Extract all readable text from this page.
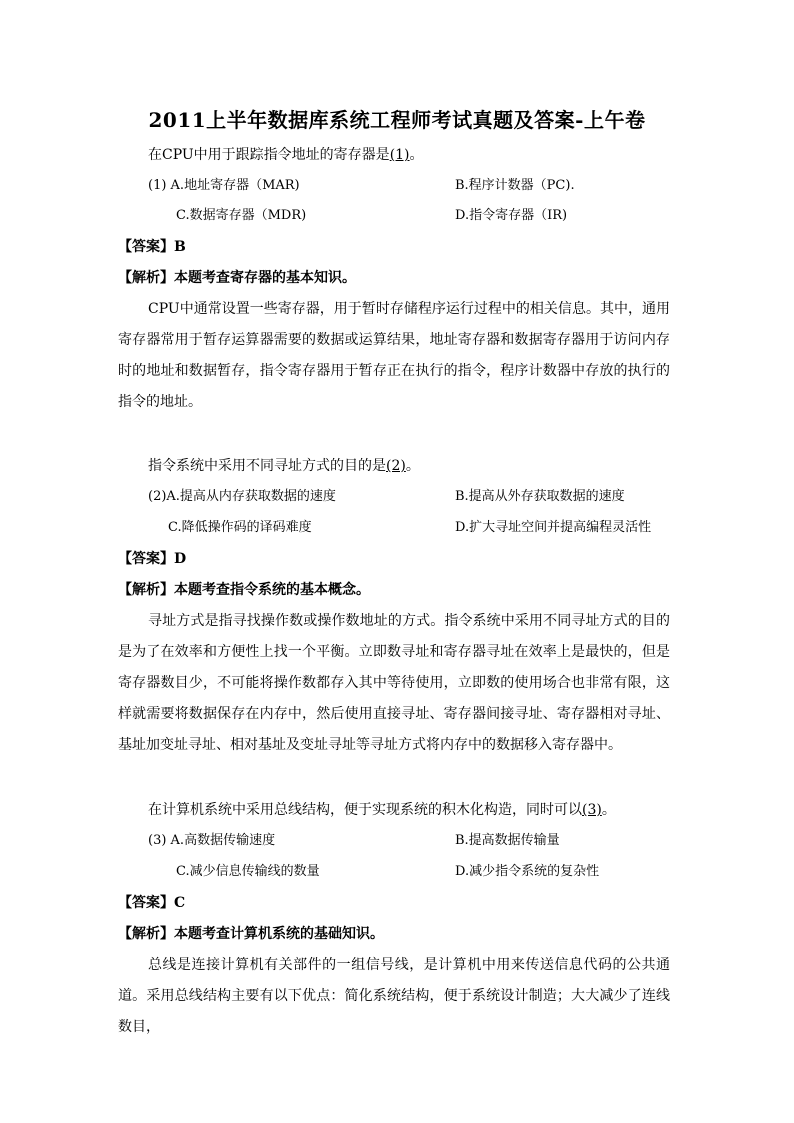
2011上半年数据库系统工程师考试真题及答案-上午卷
在CPU中用于跟踪指令地址的寄存器是(1)。
(1) A.地址寄存器（MAR)	B.程序计数器（PC).
C.数据寄存器（MDR)	D.指令寄存器（IR)
【答案】B
【解析】本题考查寄存器的基本知识。
CPU中通常设置一些寄存器，用于暂时存储程序运行过程中的相关信息。其中，通用寄存器常用于暂存运算器需要的数据或运算结果，地址寄存器和数据寄存器用于访问内存时的地址和数据暂存，指令寄存器用于暂存正在执行的指令，程序计数器中存放的执行的指令的地址。
指令系统中采用不同寻址方式的目的是(2)。
(2)A.提高从内存获取数据的速度	B.提高从外存获取数据的速度
C.降低操作码的译码难度	D.扩大寻址空间并提高编程灵活性
【答案】D
【解析】本题考查指令系统的基本概念。
寻址方式是指寻找操作数或操作数地址的方式。指令系统中采用不同寻址方式的目的是为了在效率和方便性上找一个平衡。立即数寻址和寄存器寻址在效率上是最快的，但是寄存器数目少，不可能将操作数都存入其中等待使用，立即数的使用场合也非常有限，这样就需要将数据保存在内存中，然后使用直接寻址、寄存器间接寻址、寄存器相对寻址、基址加变址寻址、相对基址及变址寻址等寻址方式将内存中的数据移入寄存器中。
在计算机系统中采用总线结构，便于实现系统的积木化构造，同时可以(3)。
(3) A.高数据传输速度	B.提高数据传输量
C.减少信息传输线的数量	D.减少指令系统的复杂性
【答案】C
【解析】本题考查计算机系统的基础知识。
总线是连接计算机有关部件的一组信号线，是计算机中用来传送信息代码的公共通道。采用总线结构主要有以下优点：简化系统结构，便于系统设计制造；大大减少了连线数目，
